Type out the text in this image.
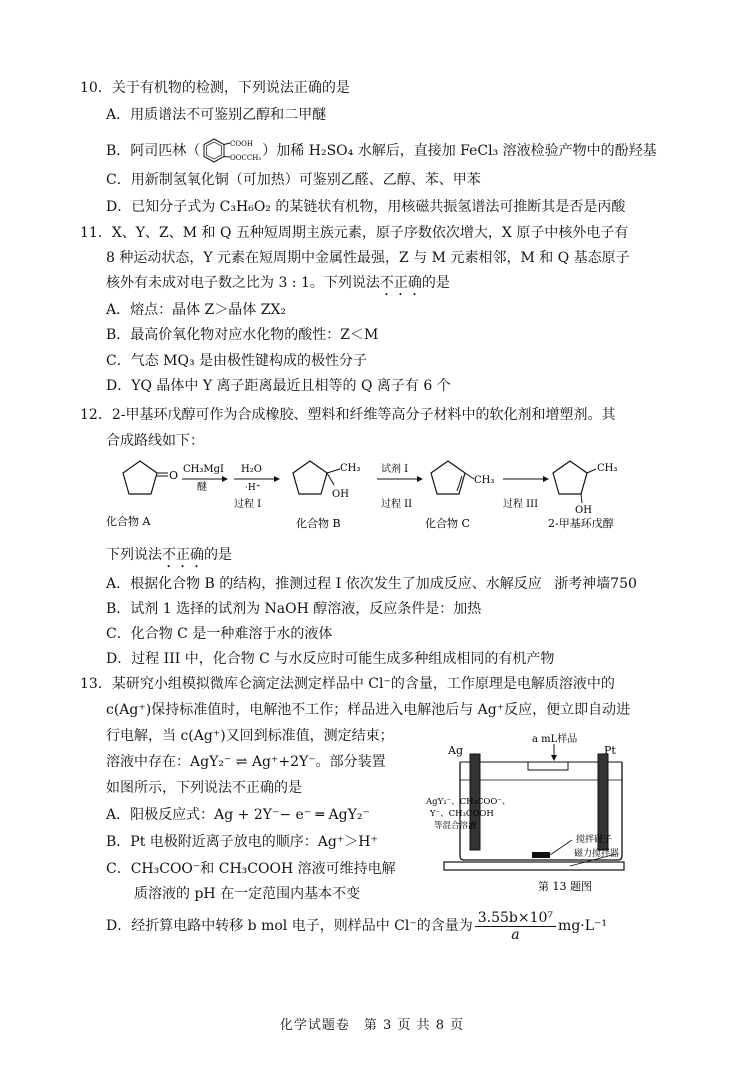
10．关于有机物的检测，下列说法正确的是
A．用质谱法不可鉴别乙醇和二甲醚
B．阿司匹林（	COOH
OOCCH₃ ）加稀 H₂SO₄ 水解后，直接加 FeCl₃ 溶液检验产物中的酚羟基
C．用新制氢氧化铜（可加热）可鉴别乙醛、乙醇、苯、甲苯
D．已知分子式为 C₃H₆O₂ 的某链状有机物，用核磁共振氢谱法可推断其是否是丙酸
11．X、Y、Z、M 和 Q 五种短周期主族元素，原子序数依次增大，X 原子中核外电子有
8 种运动状态，Y 元素在短周期中金属性最强，Z 与 M 元素相邻，M 和 Q 基态原子
核外有未成对电子数之比为 3 : 1。下列说法不正确的是
A．熔点：晶体 Z＞晶体 ZX₂
B．最高价氧化物对应水化物的酸性：Z＜M
C．气态 MQ₃ 是由极性键构成的极性分子
D．YQ 晶体中 Y 离子距离最近且相等的 Q 离子有 6 个
12．2-甲基环戊醇可作为合成橡胶、塑料和纤维等高分子材料中的软化剂和增塑剂。其
合成路线如下：
O CH₃MgI
醚
H₂O
·H⁺
过程 I
CH₃
OH
试剂 I
过程 II
CH₃
过程 III
CH₃
OH
化合物 A	化合物 B	化合物 C	2-甲基环戊醇
下列说法不正确的是
A．根据化合物 B 的结构，推测过程 I 依次发生了加成反应、水解反应 浙考神墙750
B．试剂 1 选择的试剂为 NaOH 醇溶液，反应条件是：加热
C．化合物 C 是一种难溶于水的液体
D．过程 III 中，化合物 C 与水反应时可能生成多种组成相同的有机产物
13．某研究小组模拟微库仑滴定法测定样品中 Cl⁻的含量，工作原理是电解质溶液中的
c(Ag⁺)保持标准值时，电解池不工作；样品进入电解池后与 Ag⁺反应，便立即自动进
行电解，当 c(Ag⁺)又回到标准值，测定结束；
溶液中存在：AgY₂⁻ ⇌ Ag⁺+2Y⁻。部分装置
如图所示，下列说法不正确的是
A．阳极反应式：Ag + 2Y⁻− e⁻ ═ AgY₂⁻
B．Pt 电极附近离子放电的顺序：Ag⁺＞H⁺
C．CH₃COO⁻和 CH₃COOH 溶液可维持电解
质溶液的 pH 在一定范围内基本不变
D．经折算电路中转移 b mol 电子，则样品中 Cl⁻的含量为 $\frac{\text{3.55b×10⁷}}{a} mg\cdot L^{-1}$
a mL样品
Ag	Pt
AgY₂⁻、CH₃COO⁻、
Y⁻、CH₃COOH
等混合溶液
搅拌磁子
磁力搅拌器
第 13 题图
化学试题卷　第 3 页 共 8 页
